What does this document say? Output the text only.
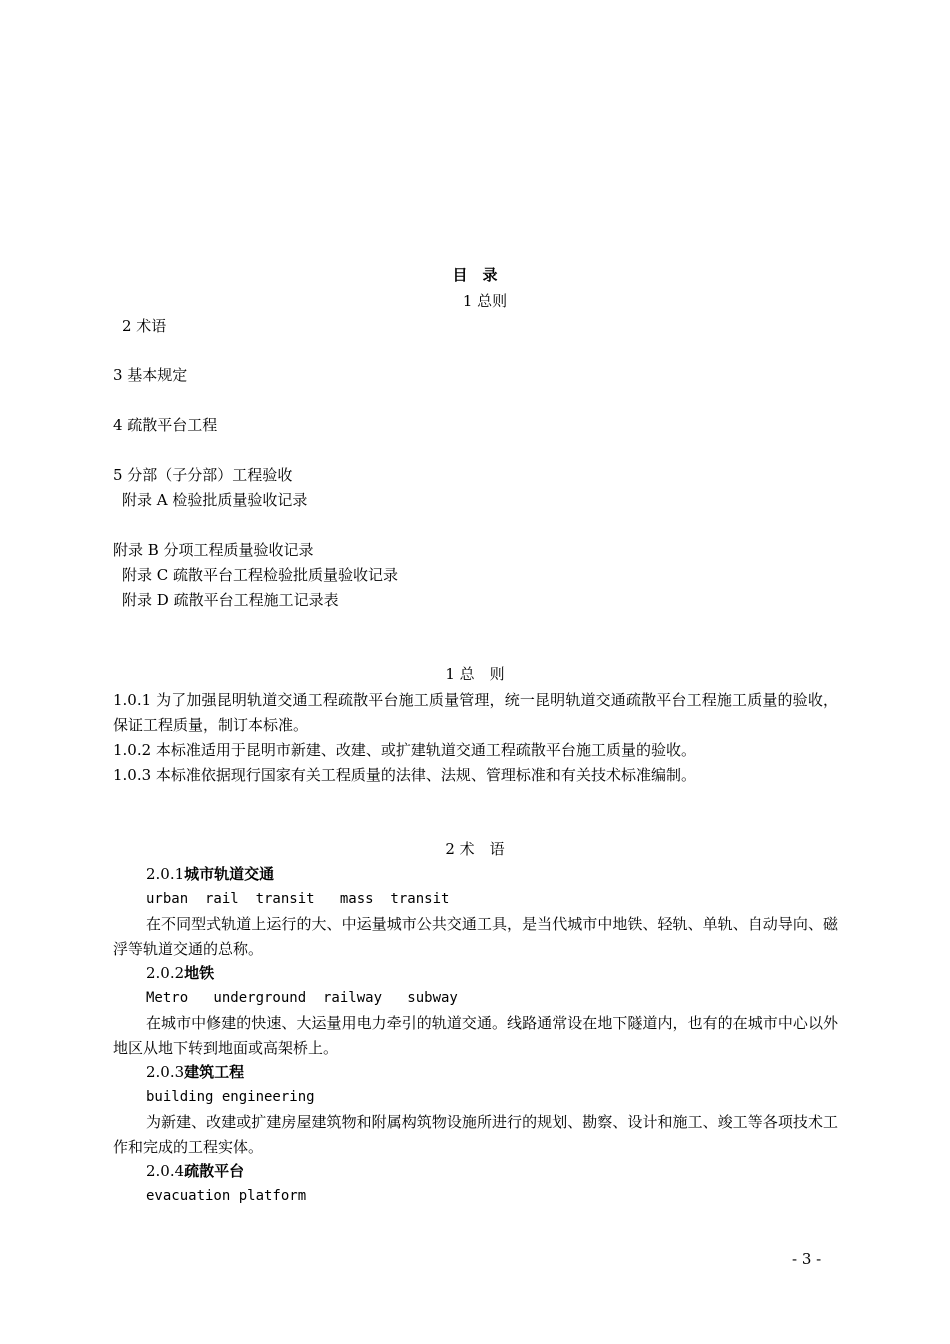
目　录
1 总则
2 术语
3 基本规定
4 疏散平台工程
5 分部（子分部）工程验收
附录 A 检验批质量验收记录
附录 B 分项工程质量验收记录
附录 C 疏散平台工程检验批质量验收记录
附录 D 疏散平台工程施工记录表
1 总　则
1.0.1 为了加强昆明轨道交通工程疏散平台施工质量管理，统一昆明轨道交通疏散平台工程施工质量的验收，保证工程质量，制订本标准。
1.0.2 本标准适用于昆明市新建、改建、或扩建轨道交通工程疏散平台施工质量的验收。
1.0.3 本标准依据现行国家有关工程质量的法律、法规、管理标准和有关技术标准编制。
2 术　语
2.0.1城市轨道交通
urban  rail  transit   mass  transit
在不同型式轨道上运行的大、中运量城市公共交通工具，是当代城市中地铁、轻轨、单轨、自动导向、磁浮等轨道交通的总称。
2.0.2地铁
Metro   underground  railway   subway
在城市中修建的快速、大运量用电力牵引的轨道交通。线路通常设在地下隧道内，也有的在城市中心以外地区从地下转到地面或高架桥上。
2.0.3建筑工程
building engineering
为新建、改建或扩建房屋建筑物和附属构筑物设施所进行的规划、勘察、设计和施工、竣工等各项技术工作和完成的工程实体。
2.0.4疏散平台
evacuation platform
- 3 -
